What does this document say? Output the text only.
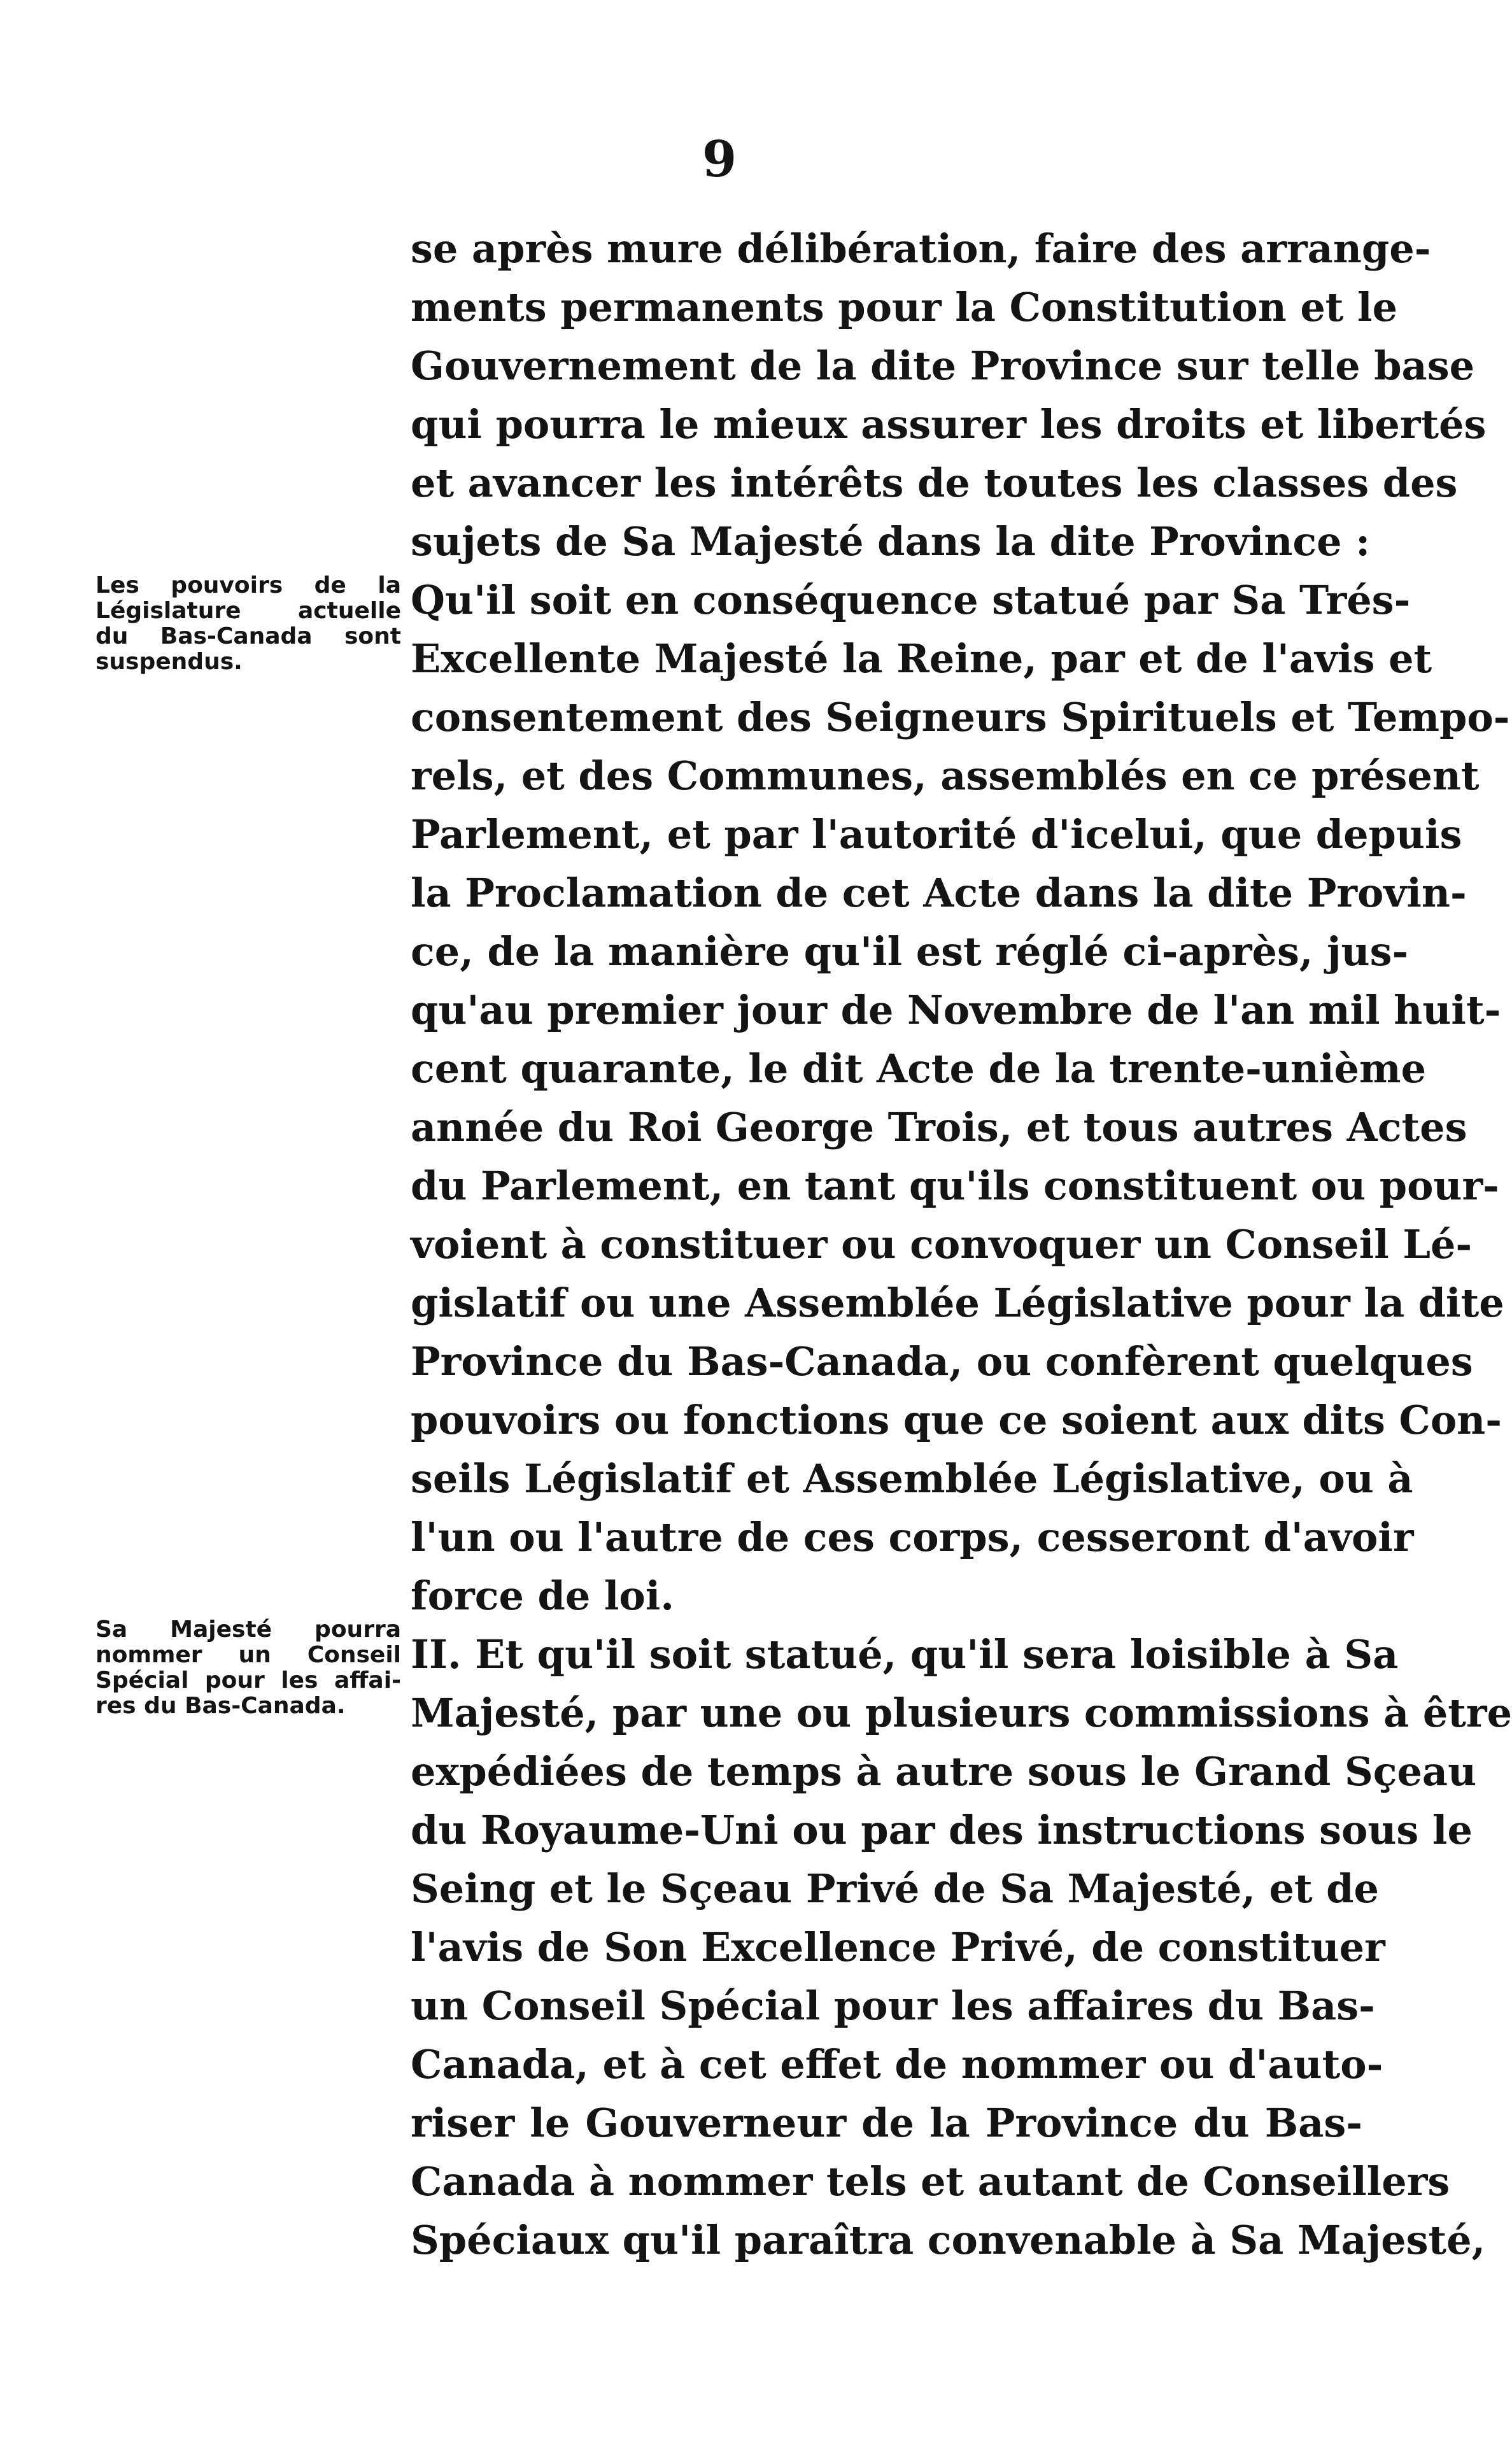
9
Les pouvoirs de la
Législature actuelle
du Bas-Canada sont
suspendus.
Sa Majesté pourra
nommer un Conseil
Spécial pour les affai-
res du Bas-Canada.
se après mure délibération, faire des arrange-
ments permanents pour la Constitution et le
Gouvernement de la dite Province sur telle base
qui pourra le mieux assurer les droits et libertés
et avancer les intérêts de toutes les classes des
sujets de Sa Majesté dans la dite Province :
Qu'il soit en conséquence statué par Sa Trés-
Excellente Majesté la Reine, par et de l'avis et
consentement des Seigneurs Spirituels et Tempo-
rels, et des Communes, assemblés en ce présent
Parlement, et par l'autorité d'icelui, que depuis
la Proclamation de cet Acte dans la dite Provin-
ce, de la manière qu'il est réglé ci-après, jus-
qu'au premier jour de Novembre de l'an mil huit-
cent quarante, le dit Acte de la trente-unième
année du Roi George Trois, et tous autres Actes
du Parlement, en tant qu'ils constituent ou pour-
voient à constituer ou convoquer un Conseil Lé-
gislatif ou une Assemblée Législative pour la dite
Province du Bas-Canada, ou confèrent quelques
pouvoirs ou fonctions que ce soient aux dits Con-
seils Législatif et Assemblée Législative, ou à
l'un ou l'autre de ces corps, cesseront d'avoir
force de loi.
II. Et qu'il soit statué, qu'il sera loisible à Sa
Majesté, par une ou plusieurs commissions à être
expédiées de temps à autre sous le Grand Sçeau
du Royaume-Uni ou par des instructions sous le
Seing et le Sçeau Privé de Sa Majesté, et de
l'avis de Son Excellence Privé, de constituer
un Conseil Spécial pour les affaires du Bas-
Canada, et à cet effet de nommer ou d'auto-
riser le Gouverneur de la Province du Bas-
Canada à nommer tels et autant de Conseillers
Spéciaux qu'il paraîtra convenable à Sa Majesté,
